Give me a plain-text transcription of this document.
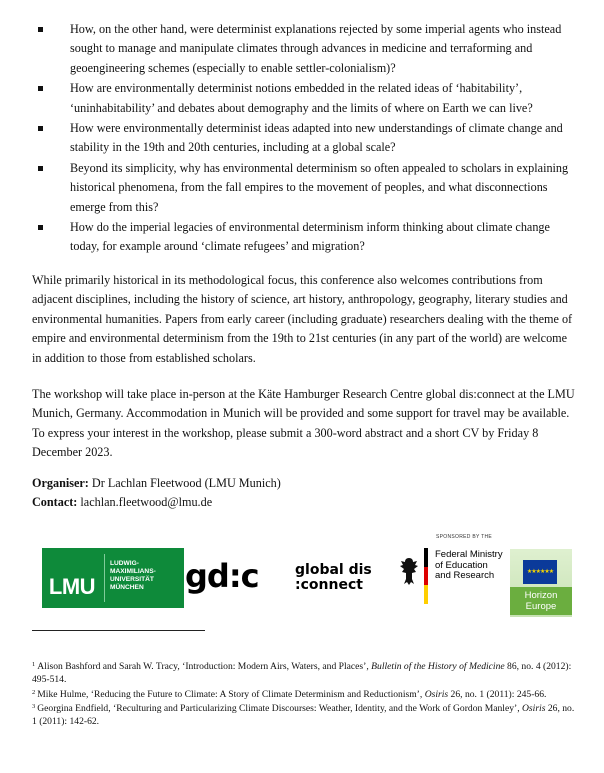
How, on the other hand, were determinist explanations rejected by some imperial agents who instead sought to manage and manipulate climates through advances in medicine and terraforming and geoengineering schemes (especially to enable settler-colonialism)?
How are environmentally determinist notions embedded in the related ideas of ‘habitability’, ‘uninhabitability’ and debates about demography and the limits of where on Earth we can live?
How were environmentally determinist ideas adapted into new understandings of climate change and stability in the 19th and 20th centuries, including at a global scale?
Beyond its simplicity, why has environmental determinism so often appealed to scholars in explaining historical phenomena, from the fall empires to the movement of peoples, and what disconnections emerge from this?
How do the imperial legacies of environmental determinism inform thinking about climate change today, for example around ‘climate refugees’ and migration?

While primarily historical in its methodological focus, this conference also welcomes contributions from adjacent disciplines, including the history of science, art history, anthropology, geography, literary studies and environmental humanities. Papers from early career (including graduate) researchers dealing with the theme of empire and environmental determinism from the 19th to 21st centuries (in any part of the world) are welcome in addition to those from established scholars.

The workshop will take place in-person at the Käte Hamburger Research Centre global dis:connect at the LMU Munich, Germany. Accommodation in Munich will be provided and some support for travel may be available. To express your interest in the workshop, please submit a 300-word abstract and a short CV by Friday 8 December 2023.

Organiser: Dr Lachlan Fleetwood (LMU Munich)
Contact: lachlan.fleetwood@lmu.de
LMU
LUDWIG-
MAXIMILIANS-
UNIVERSITÄT
MÜNCHEN	gd:c	global dis
:connect
SPONSORED BY THE
Federal Ministry
of Education
and Research	★★★★★★
Horizon
Europe

$^1$ Alison Bashford and Sarah W. Tracy, ‘Introduction: Modern Airs, Waters, and Places’, Bulletin of the History of Medicine 86, no. 4 (2012): 495-514.

$^2$ Mike Hulme, ‘Reducing the Future to Climate: A Story of Climate Determinism and Reductionism’, Osiris 26, no. 1 (2011): 245-66.

$^3$ Georgina Endfield, ‘Reculturing and Particularizing Climate Discourses: Weather, Identity, and the Work of Gordon Manley’, Osiris 26, no. 1 (2011): 142-62.
